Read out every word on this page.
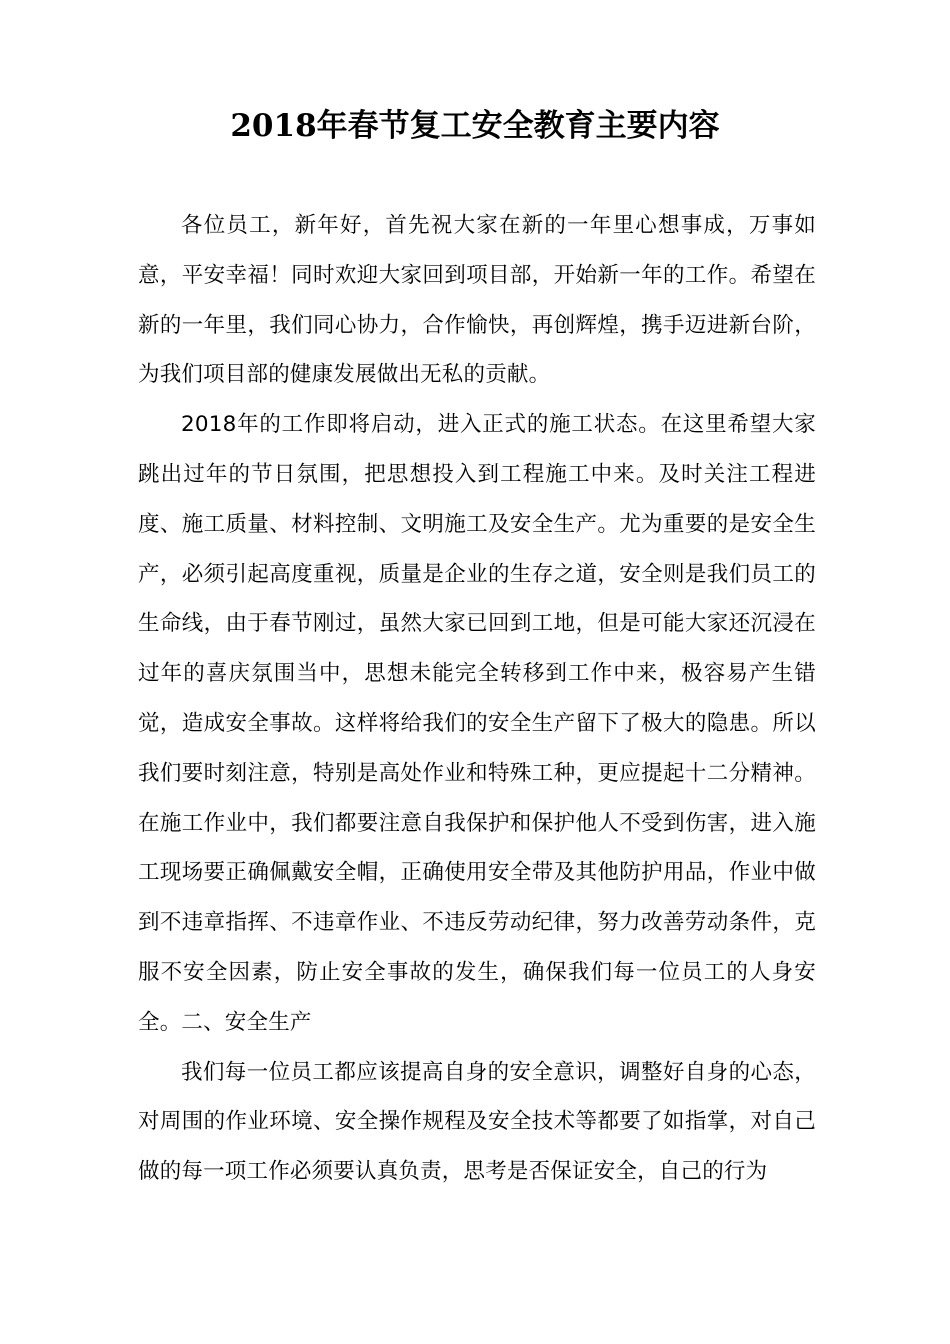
2018年春节复工安全教育主要内容

各位员工，新年好，首先祝大家在新的一年里心想事成，万事如意，平安幸福！同时欢迎大家回到项目部，开始新一年的工作。希望在新的一年里，我们同心协力，合作愉快，再创辉煌，携手迈进新台阶，为我们项目部的健康发展做出无私的贡献。

2018年的工作即将启动，进入正式的施工状态。在这里希望大家跳出过年的节日氛围，把思想投入到工程施工中来。及时关注工程进度、施工质量、材料控制、文明施工及安全生产。尤为重要的是安全生产，必须引起高度重视，质量是企业的生存之道，安全则是我们员工的生命线，由于春节刚过，虽然大家已回到工地，但是可能大家还沉浸在过年的喜庆氛围当中，思想未能完全转移到工作中来，极容易产生错觉，造成安全事故。这样将给我们的安全生产留下了极大的隐患。所以我们要时刻注意，特别是高处作业和特殊工种，更应提起十二分精神。在施工作业中，我们都要注意自我保护和保护他人不受到伤害，进入施工现场要正确佩戴安全帽，正确使用安全带及其他防护用品，作业中做到不违章指挥、不违章作业、不违反劳动纪律，努力改善劳动条件，克服不安全因素，防止安全事故的发生，确保我们每一位员工的人身安全。二、安全生产

我们每一位员工都应该提高自身的安全意识，调整好自身的心态，对周围的作业环境、安全操作规程及安全技术等都要了如指掌，对自己做的每一项工作必须要认真负责，思考是否保证安全，自己的行为
